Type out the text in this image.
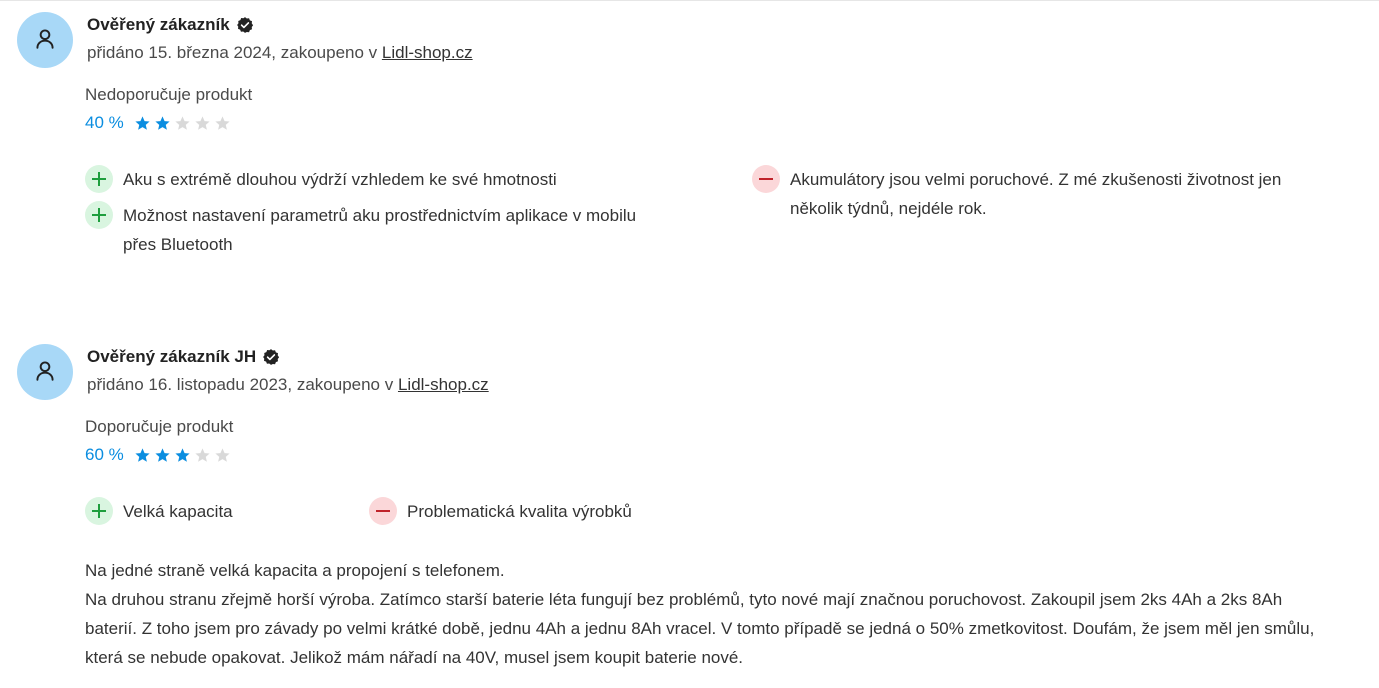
Ověřený zákazník
přidáno 15. března 2024, zakoupeno v Lidl-shop.cz
Nedoporučuje produkt
40 %
Aku s extrémě dlouhou výdrží vzhledem ke své hmotnosti
Možnost nastavení parametrů aku prostřednictvím aplikace v mobilu
přes Bluetooth
Akumulátory jsou velmi poruchové. Z mé zkušenosti životnost jen
několik týdnů, nejdéle rok.
Ověřený zákazník JH
přidáno 16. listopadu 2023, zakoupeno v Lidl-shop.cz
Doporučuje produkt
60 %
Velká kapacita	Problematická kvalita výrobků
Na jedné straně velká kapacita a propojení s telefonem.
Na druhou stranu zřejmě horší výroba. Zatímco starší baterie léta fungují bez problémů, tyto nové mají značnou poruchovost. Zakoupil jsem 2ks 4Ah a 2ks 8Ah
baterií. Z toho jsem pro závady po velmi krátké době, jednu 4Ah a jednu 8Ah vracel. V tomto případě se jedná o 50% zmetkovitost. Doufám, že jsem měl jen smůlu,
která se nebude opakovat. Jelikož mám nářadí na 40V, musel jsem koupit baterie nové.
